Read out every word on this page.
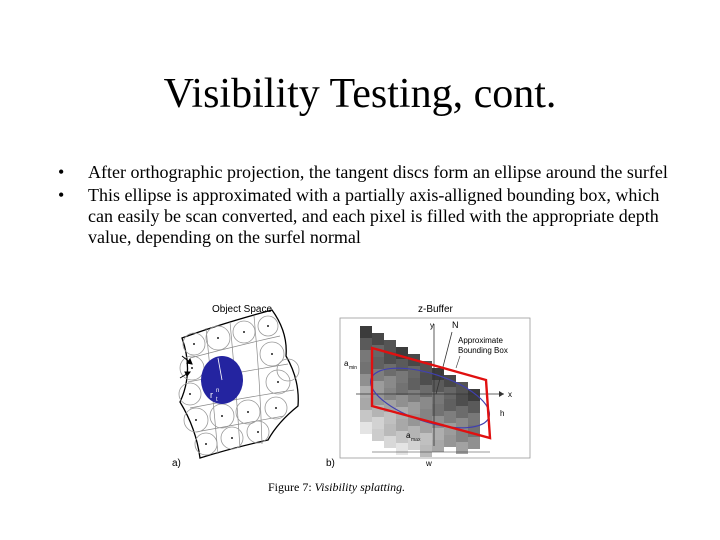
Visibility Testing, cont.
• After orthographic projection, the tangent discs form an ellipse around the surfel
• This ellipse is approximated with a partially axis-alligned bounding box, which can easily be scan converted, and each pixel is filled with the appropriate depth value, depending on the surfel normal
Object Space
r n
t
a)
z-Buffer
y
x
N
Approximate
Bounding Box
a min
a max
h
w
b)
Figure 7: Visibility splatting.
